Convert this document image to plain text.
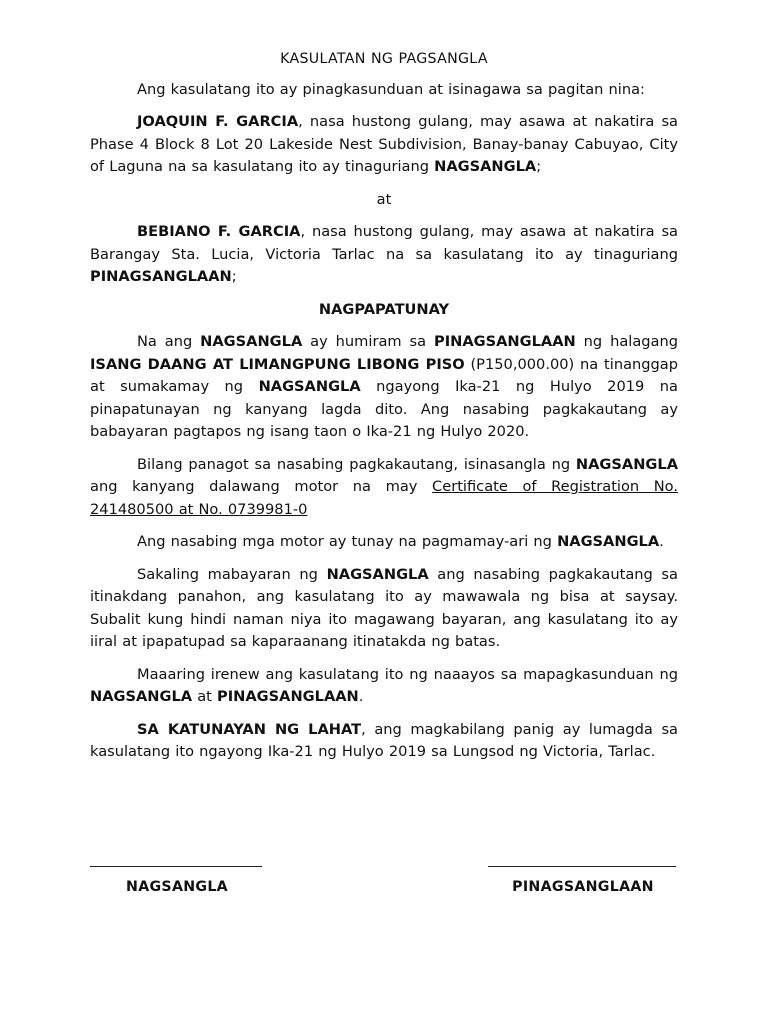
KASULATAN NG PAGSANGLA

Ang kasulatang ito ay pinagkasunduan at isinagawa sa pagitan nina:

JOAQUIN F. GARCIA, nasa hustong gulang, may asawa at nakatira sa Phase 4 Block 8 Lot 20 Lakeside Nest Subdivision, Banay-banay Cabuyao, City of Laguna na sa kasulatang ito ay tinaguriang NAGSANGLA;

at

BEBIANO F. GARCIA, nasa hustong gulang, may asawa at nakatira sa Barangay Sta. Lucia, Victoria Tarlac na sa kasulatang ito ay tinaguriang PINAGSANGLAAN;

NAGPAPATUNAY

Na ang NAGSANGLA ay humiram sa PINAGSANGLAAN ng halagang ISANG DAANG AT LIMANGPUNG LIBONG PISO (P150,000.00) na tinanggap at sumakamay ng NAGSANGLA ngayong Ika-21 ng Hulyo 2019 na pinapatunayan ng kanyang lagda dito. Ang nasabing pagkakautang ay babayaran pagtapos ng isang taon o Ika-21 ng Hulyo 2020.

Bilang panagot sa nasabing pagkakautang, isinasangla ng NAGSANGLA ang kanyang dalawang motor na may Certificate of Registration No. 241480500 at No. 0739981-0

Ang nasabing mga motor ay tunay na pagmamay-ari ng NAGSANGLA.

Sakaling mabayaran ng NAGSANGLA ang nasabing pagkakautang sa itinakdang panahon, ang kasulatang ito ay mawawala ng bisa at saysay. Subalit kung hindi naman niya ito magawang bayaran, ang kasulatang ito ay iiral at ipapatupad sa kaparaanang itinatakda ng batas.

Maaaring irenew ang kasulatang ito ng naaayos sa mapagkasunduan ng NAGSANGLA at PINAGSANGLAAN.

SA KATUNAYAN NG LAHAT, ang magkabilang panig ay lumagda sa kasulatang ito ngayong Ika-21 ng Hulyo 2019 sa Lungsod ng Victoria, Tarlac.

NAGSANGLA	PINAGSANGLAAN
